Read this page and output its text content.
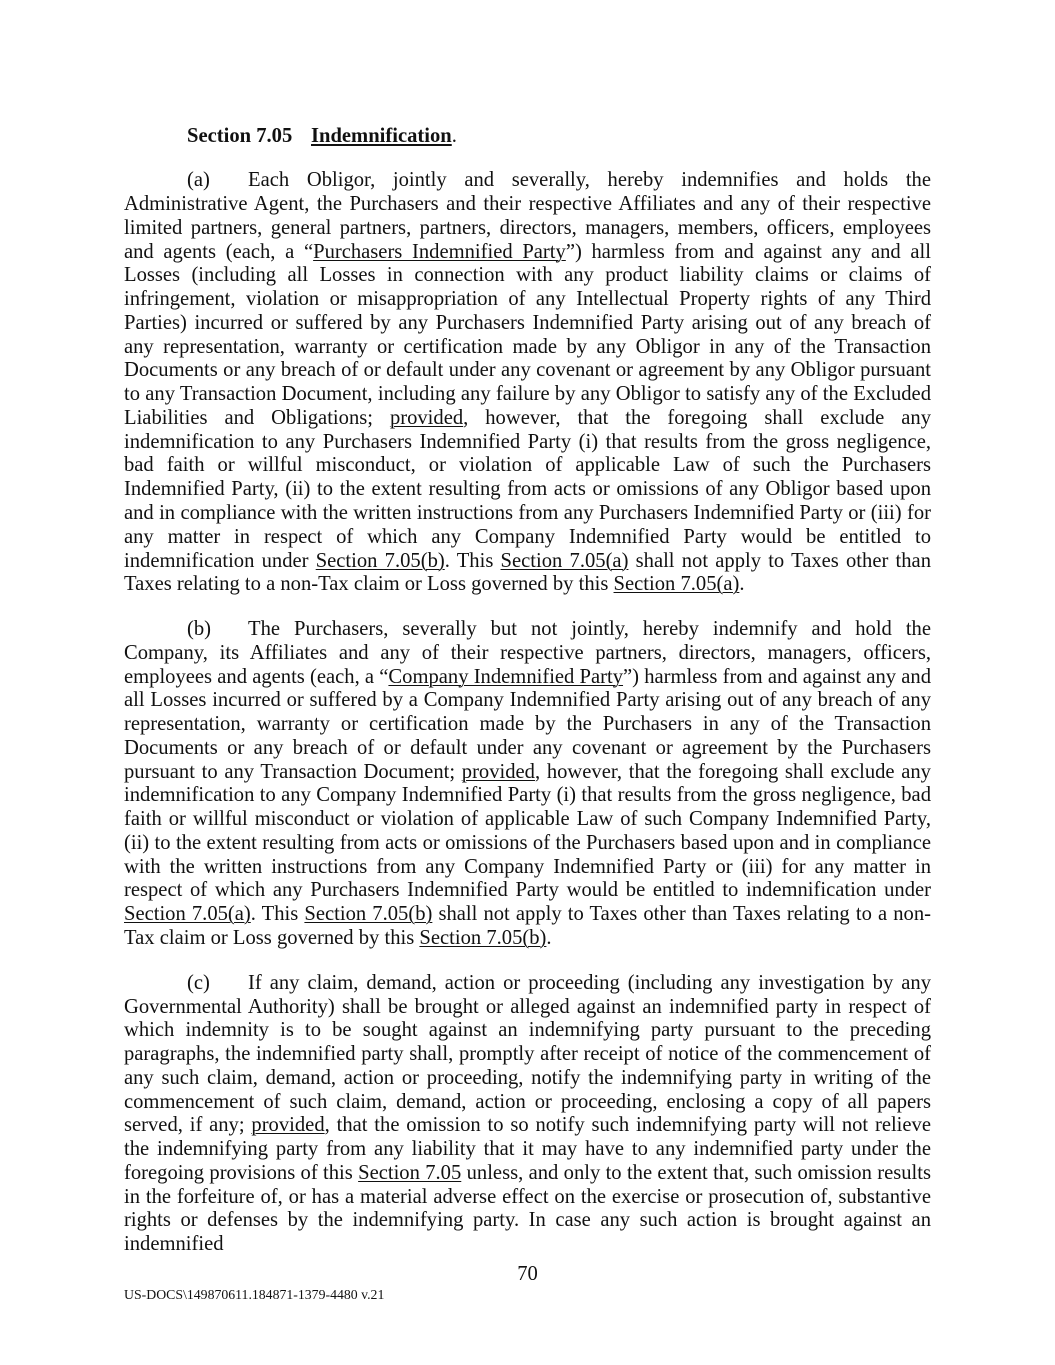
Section 7.05 Indemnification.

(a) Each Obligor, jointly and severally, hereby indemnifies and holds the Administrative Agent, the Purchasers and their respective Affiliates and any of their respective limited partners, general partners, partners, directors, managers, members, officers, employees and agents (each, a “Purchasers Indemnified Party”) harmless from and against any and all Losses (including all Losses in connection with any product liability claims or claims of infringement, violation or misappropriation of any Intellectual Property rights of any Third Parties) incurred or suffered by any Purchasers Indemnified Party arising out of any breach of any representation, warranty or certification made by any Obligor in any of the Transaction Documents or any breach of or default under any covenant or agreement by any Obligor pursuant to any Transaction Document, including any failure by any Obligor to satisfy any of the Excluded Liabilities and Obligations; provided, however, that the foregoing shall exclude any indemnification to any Purchasers Indemnified Party (i) that results from the gross negligence, bad faith or willful misconduct, or violation of applicable Law of such the Purchasers Indemnified Party, (ii) to the extent resulting from acts or omissions of any Obligor based upon and in compliance with the written instructions from any Purchasers Indemnified Party or (iii) for any matter in respect of which any Company Indemnified Party would be entitled to indemnification under Section 7.05(b). This Section 7.05(a) shall not apply to Taxes other than Taxes relating to a non-Tax claim or Loss governed by this Section 7.05(a).

(b) The Purchasers, severally but not jointly, hereby indemnify and hold the Company, its Affiliates and any of their respective partners, directors, managers, officers, employees and agents (each, a “Company Indemnified Party”) harmless from and against any and all Losses incurred or suffered by a Company Indemnified Party arising out of any breach of any representation, warranty or certification made by the Purchasers in any of the Transaction Documents or any breach of or default under any covenant or agreement by the Purchasers pursuant to any Transaction Document; provided, however, that the foregoing shall exclude any indemnification to any Company Indemnified Party (i) that results from the gross negligence, bad faith or willful misconduct or violation of applicable Law of such Company Indemnified Party, (ii) to the extent resulting from acts or omissions of the Purchasers based upon and in compliance with the written instructions from any Company Indemnified Party or (iii) for any matter in respect of which any Purchasers Indemnified Party would be entitled to indemnification under Section 7.05(a). This Section 7.05(b) shall not apply to Taxes other than Taxes relating to a non-Tax claim or Loss governed by this Section 7.05(b).

(c) If any claim, demand, action or proceeding (including any investigation by any Governmental Authority) shall be brought or alleged against an indemnified party in respect of which indemnity is to be sought against an indemnifying party pursuant to the preceding paragraphs, the indemnified party shall, promptly after receipt of notice of the commencement of any such claim, demand, action or proceeding, notify the indemnifying party in writing of the commencement of such claim, demand, action or proceeding, enclosing a copy of all papers served, if any; provided, that the omission to so notify such indemnifying party will not relieve the indemnifying party from any liability that it may have to any indemnified party under the foregoing provisions of this Section 7.05 unless, and only to the extent that, such omission results in the forfeiture of, or has a material adverse effect on the exercise or prosecution of, substantive rights or defenses by the indemnifying party. In case any such action is brought against an indemnified

70
US-DOCS\149870611.184871-1379-4480 v.21
